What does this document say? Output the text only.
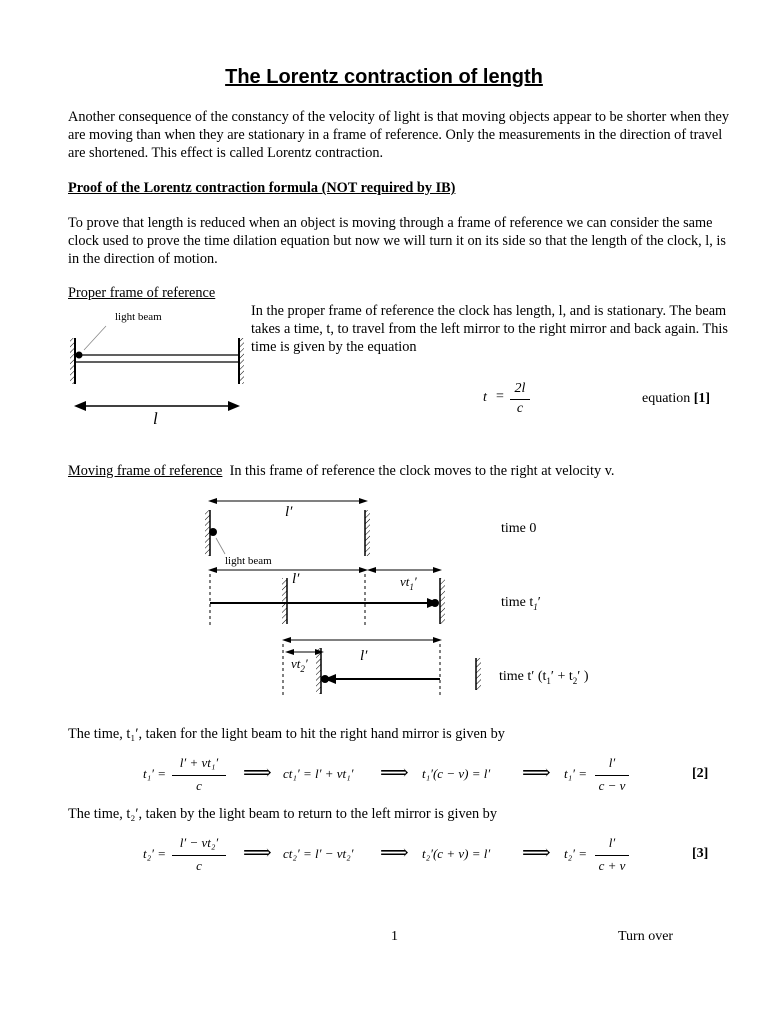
The Lorentz contraction of length
Another consequence of the constancy of the velocity of light is that moving objects appear to be shorter when they are moving than when they are stationary in a frame of reference. Only the measurements in the direction of travel are shortened. This effect is called Lorentz contraction.
Proof of the Lorentz contraction formula (NOT required by IB)
To prove that length is reduced when an object is moving through a frame of reference we can consider the same clock used to prove the time dilation equation but now we will turn it on its side so that the length of the clock, l, is in the direction of motion.
Proper frame of reference
In the proper frame of reference the clock has length, l, and is stationary. The beam takes a time, t, to travel from the left mirror to the right mirror and back again. This time is given by the equation
light beam
l
t =
2l
c
equation [1]
Moving frame of reference In this frame of reference the clock moves to the right at velocity v.
l′
light beam
time 0
l′	$vt_1'$
time $t_1'$
l′
$vt_2'$
time t′ ($t_1' + t_2'$ )
The time, t₁′, taken for the light beam to hit the right hand mirror is given by
t₁′ =
l′ + vt₁′
c
⟹ ct₁′ = l′ + vt₁′ ⟹ t₁′(c − v) = l′ ⟹ t₁′ =
l′
c − v
[2]
The time, t₂′, taken by the light beam to return to the left mirror is given by
t₂′ =
l′ − vt₂′
c
⟹ ct₂′ = l′ − vt₂′ ⟹ t₂′(c + v) = l′ ⟹ t₂′ =
l′
c + v
[3]
1	Turn over
